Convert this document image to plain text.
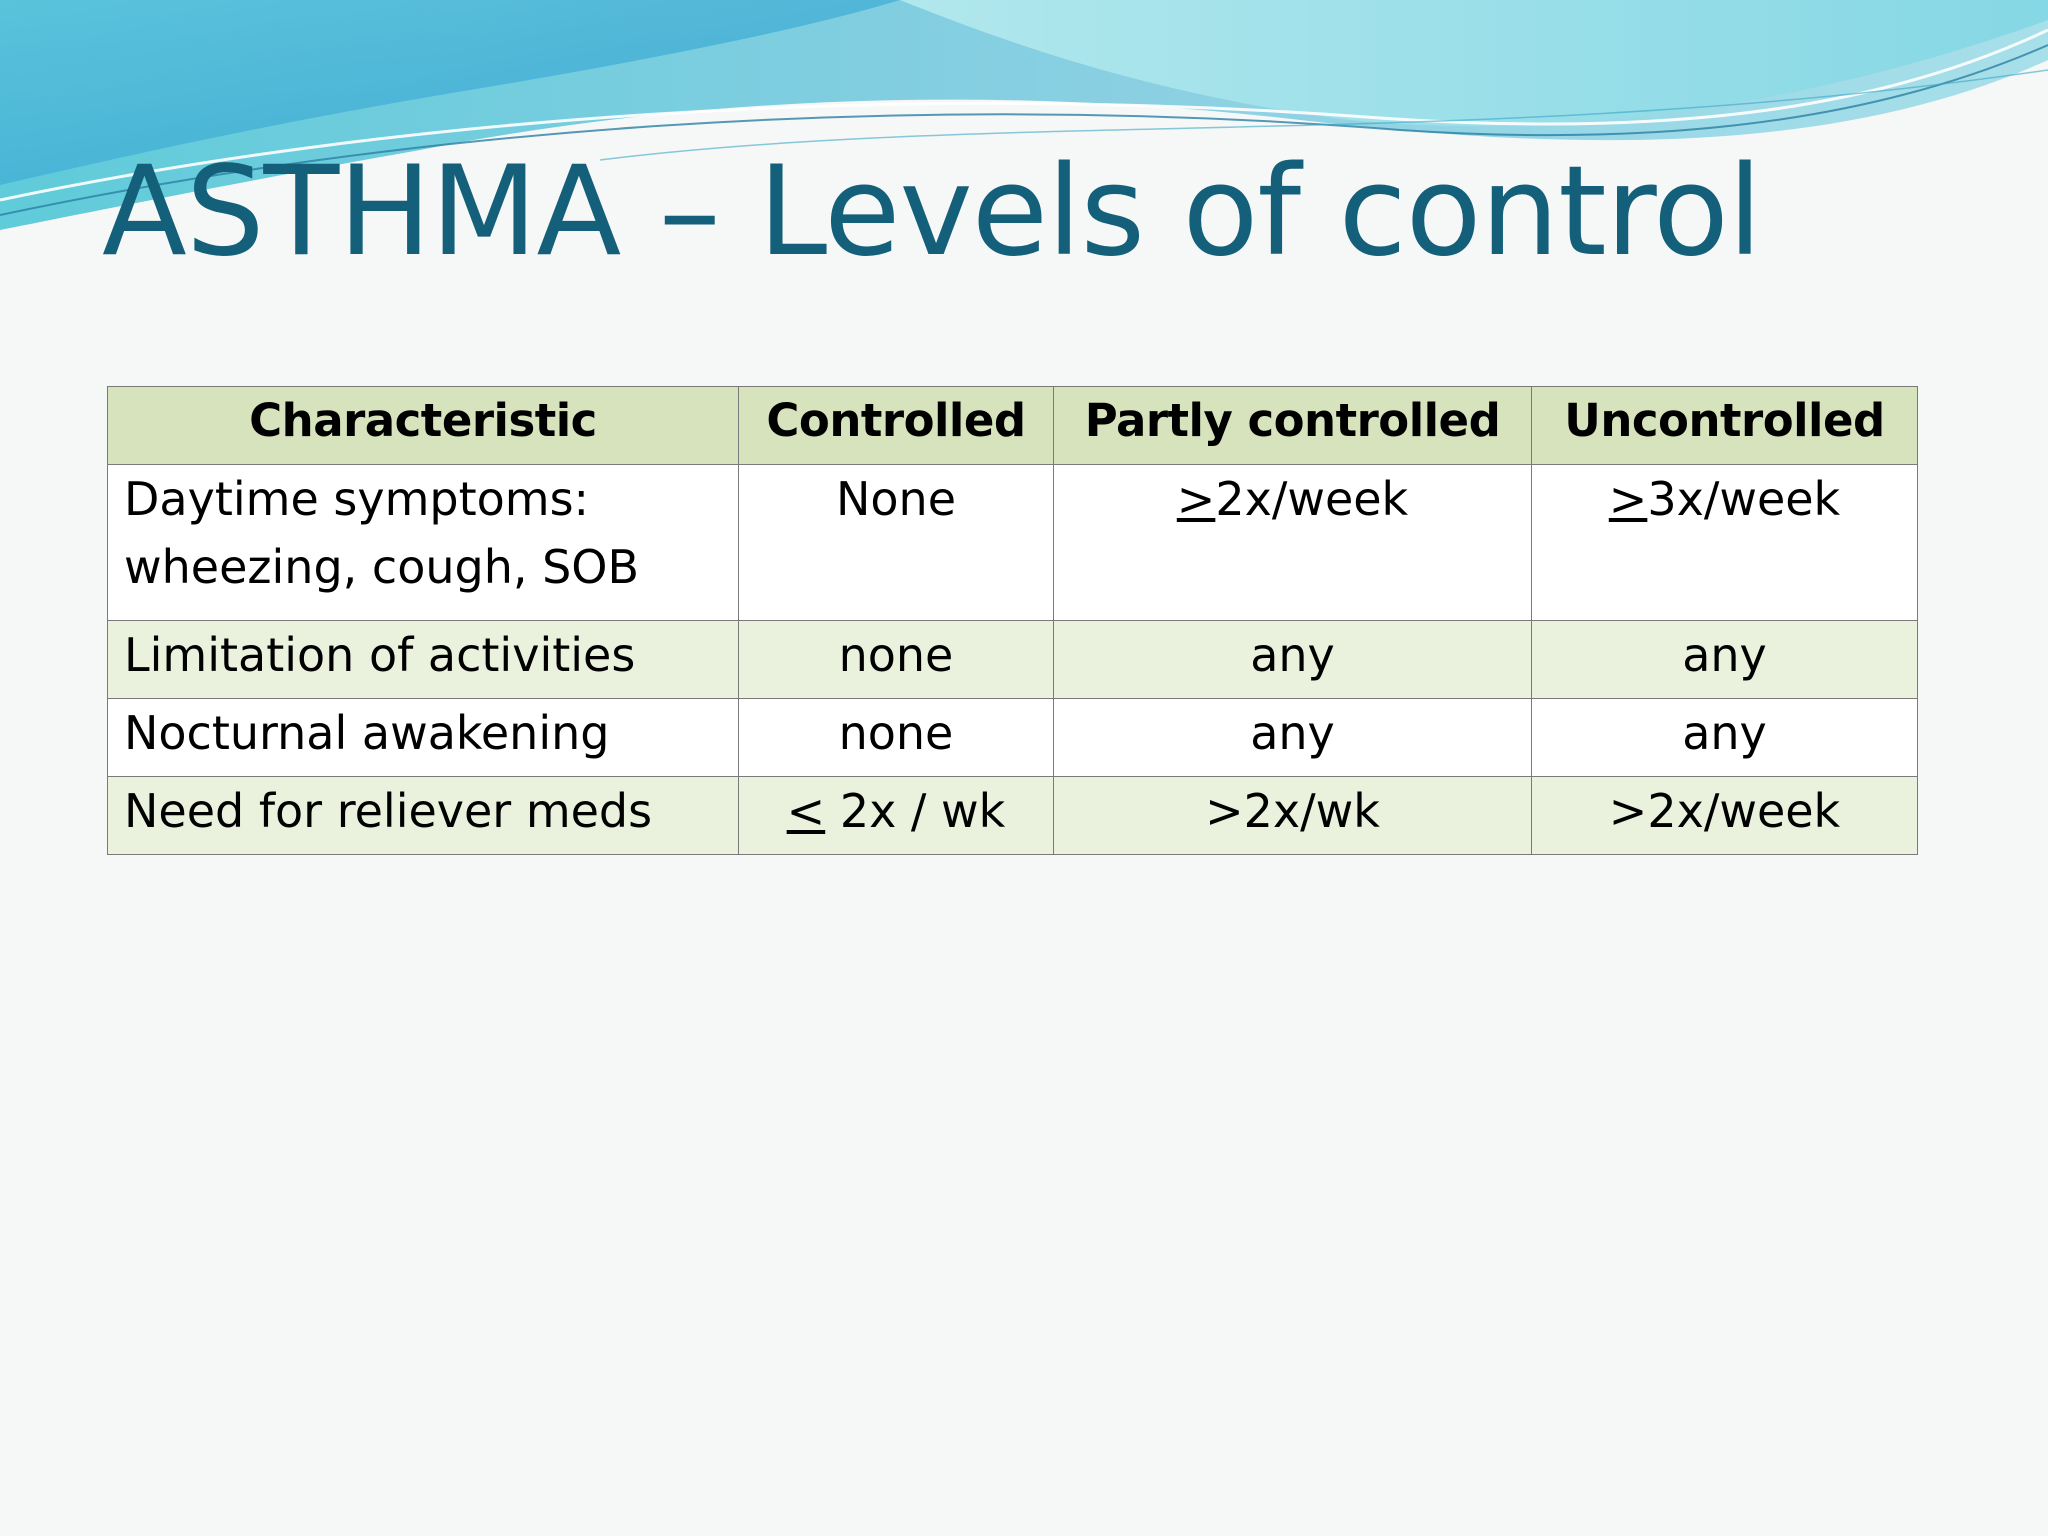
ASTHMA – Levels of control
Characteristic	Controlled	Partly controlled	Uncontrolled
Daytime symptoms: wheezing, cough, SOB	None	≥2x/week	≥3x/week
Limitation of activities	none	any	any
Nocturnal awakening	none	any	any
Need for reliever meds	≤ 2x / wk	>2x/wk	>2x/week
